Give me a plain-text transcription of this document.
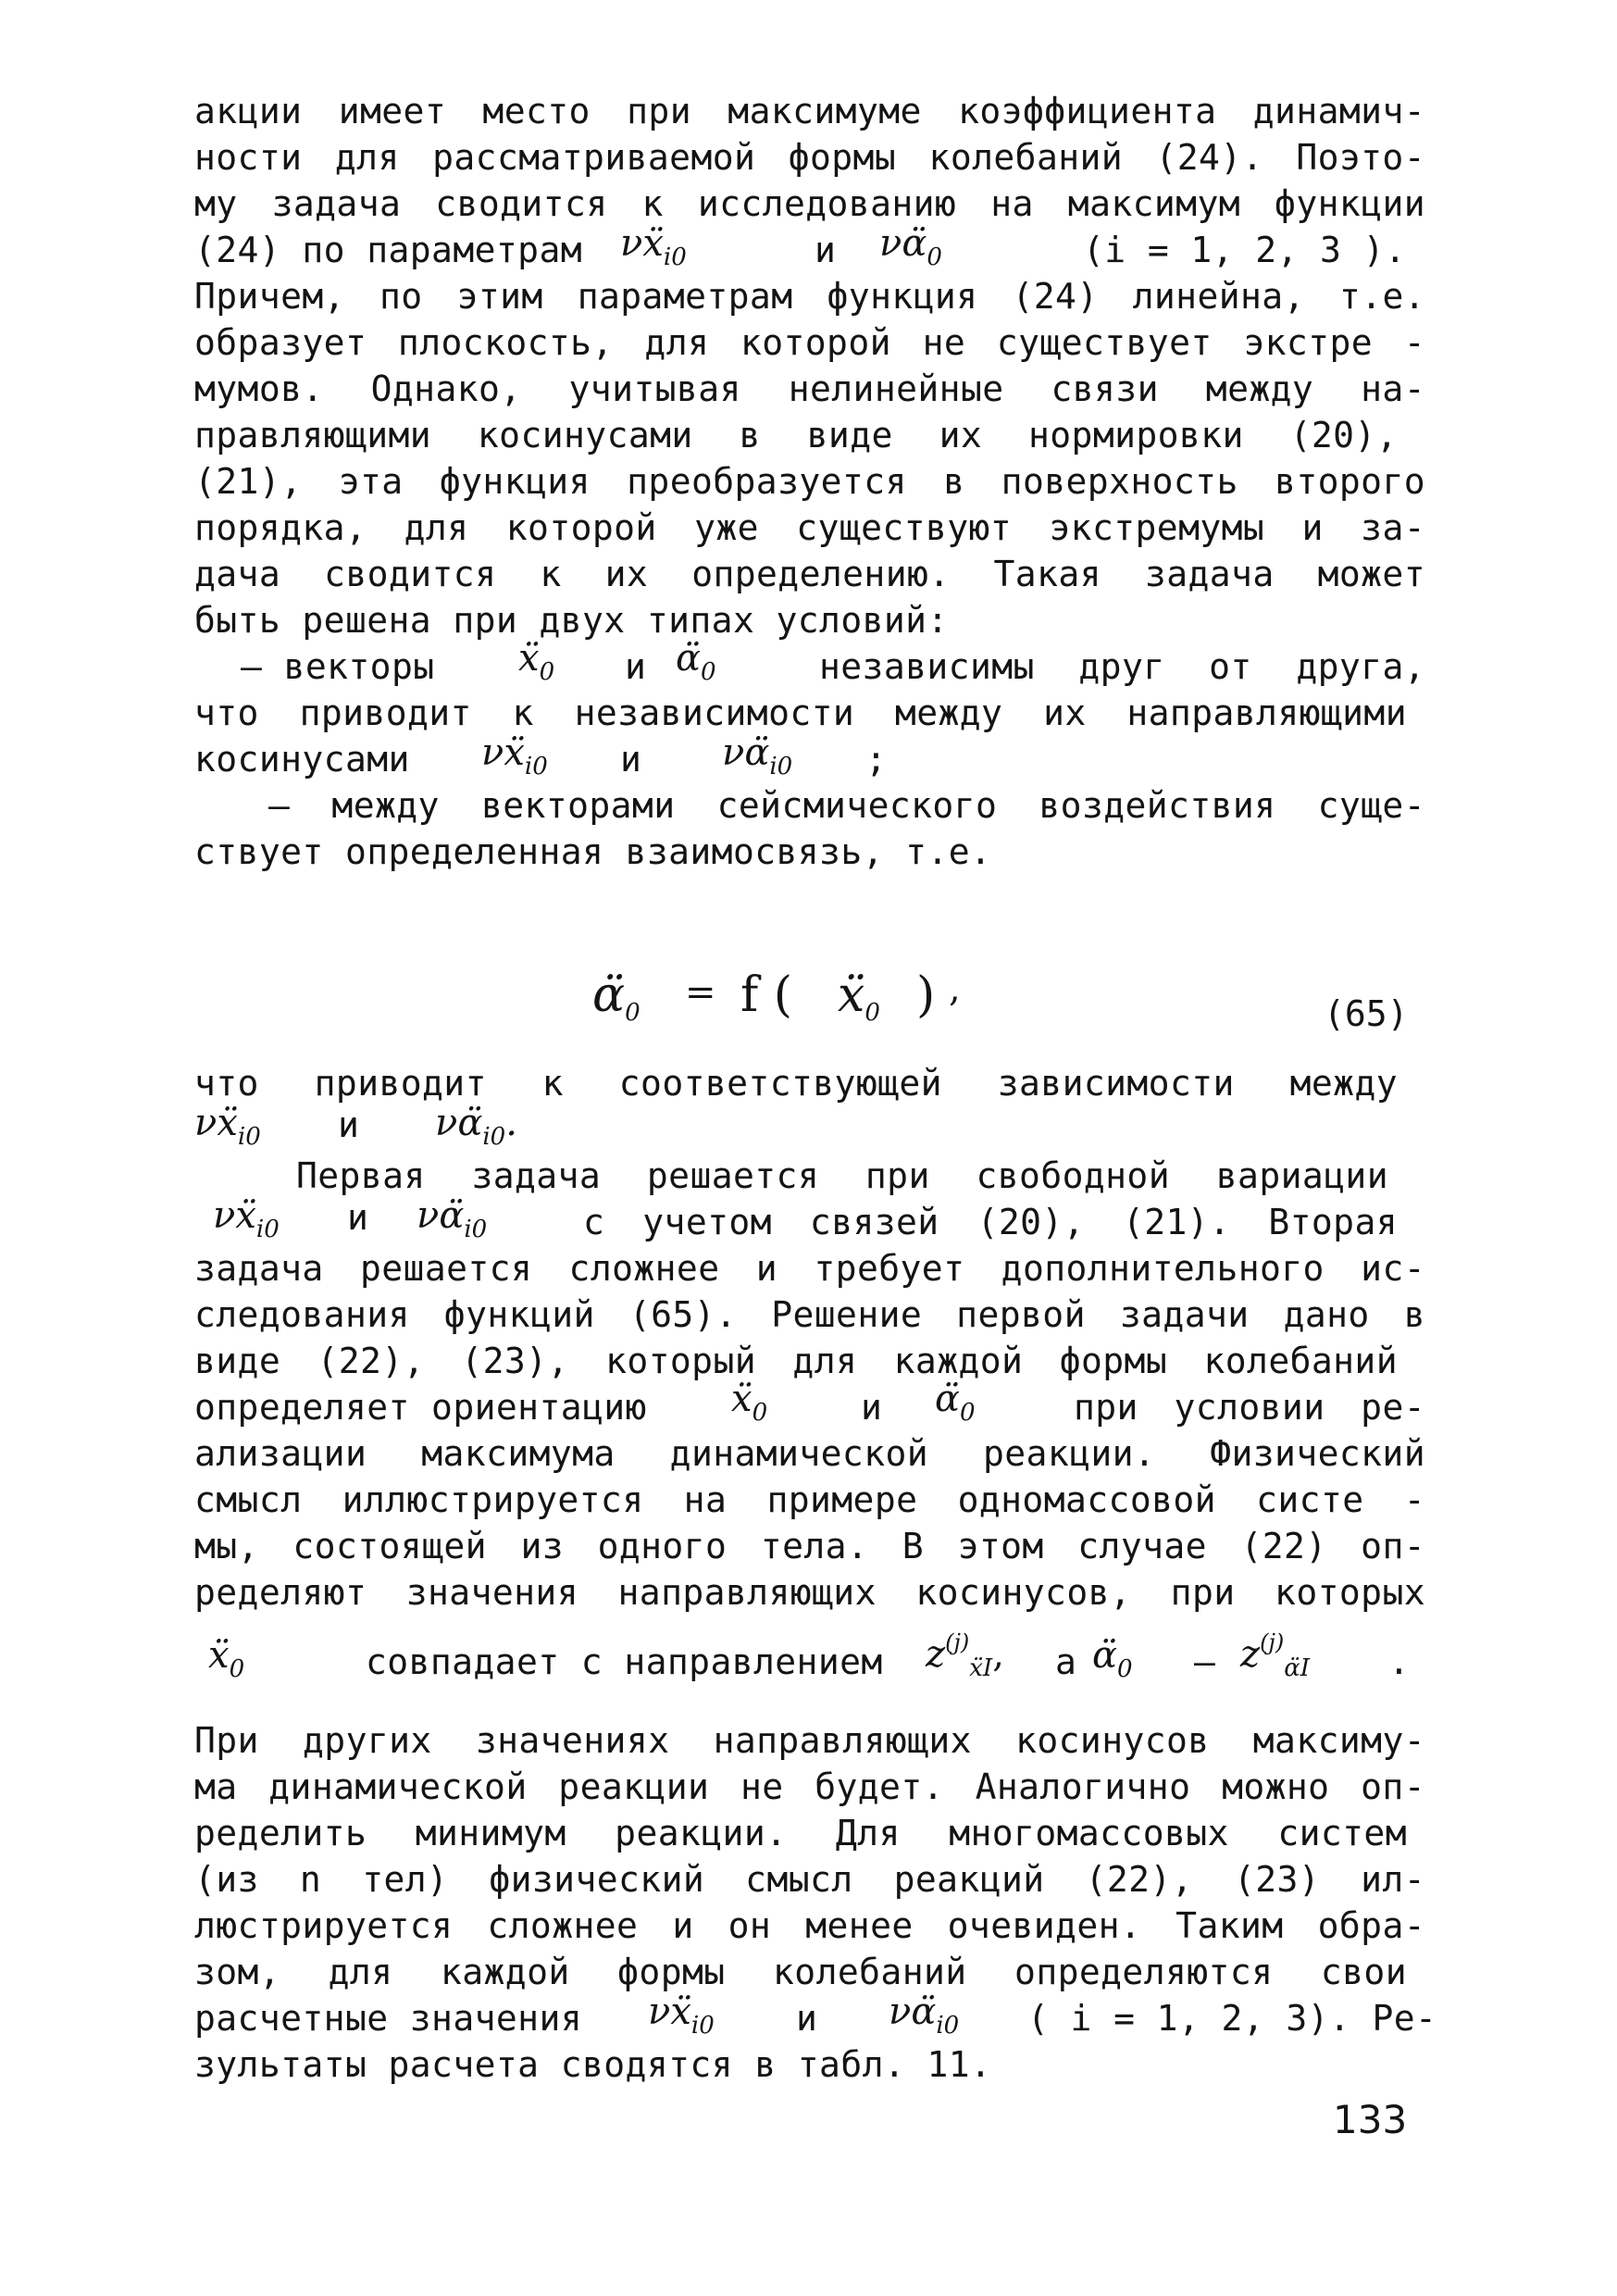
акции имеет место при максимуме коэффициента динамич-
ности для рассматриваемой формы колебаний (24). Поэто-
му задача сводится к исследованию на максимум функции
(24) по параметрам	νẍ$_{i0}$	и $\nu\alphä_0$	(i = 1, 2, 3 ).
Причем, по этим параметрам функция (24) линейна, т.е.
образует плоскость, для которой не существует экстре -
мумов. Однако, учитывая нелинейные связи между на-
правляющими косинусами в виде их нормировки (20),
(21), эта функция преобразуется в поверхность второго
порядка, для которой уже существуют экстремумы и за-
дача сводится к их определению. Такая задача может
быть решена при двух типах условий:
– векторы	ẍ$_0$ и $\alphä_0$	независимы друг от друга,
что приводит к независимости между их направляющими
косинусами	νẍ$_{i0}$ и $\nu\alphä_{i0}$ ;
– между векторами сейсмического воздействия суще-
ствует определенная взаимосвязь, т.е.
$\alphä_0 = f$ ( ẍ$_0$ ) ,
(65)
что приводит к соответствующей зависимости между
νẍ$_{i0}$ и $\nu\alphä_{i0}$.
Первая задача решается при свободной вариации
νẍ$_{i0}$ и $\nu\alphä_{i0}$	с учетом связей (20), (21). Вторая
задача решается сложнее и требует дополнительного ис-
следования функций (65). Решение первой задачи дано в
виде (22), (23), который для каждой формы колебаний
определяет ориентацию	ẍ$_0$	и $\alphä_0$	при условии ре-
ализации максимума динамической реакции. Физический
смысл иллюстрируется на примере одномассовой систе -
мы, состоящей из одного тела. В этом случае (22) оп-
ределяют значения направляющих косинусов, при которых
ẍ$_0$	совпадает с направлением $z^{(j)}_{ẍI}$, а $\alphä_0 - z^{(j)}_{\alphäI}$ .
При других значениях направляющих косинусов максиму-
ма динамической реакции не будет. Аналогично можно оп-
ределить минимум реакции. Для многомассовых систем
(из n тел) физический смысл реакций (22), (23) ил-
люстрируется сложнее и он менее очевиден. Таким обра-
зом, для каждой формы колебаний определяются свои
расчетные значения	νẍ$_{i0}$ и $\nu\alphä_{i0}$ ( i = 1, 2, 3). Ре-
зультаты расчета сводятся в табл. 11.
133
